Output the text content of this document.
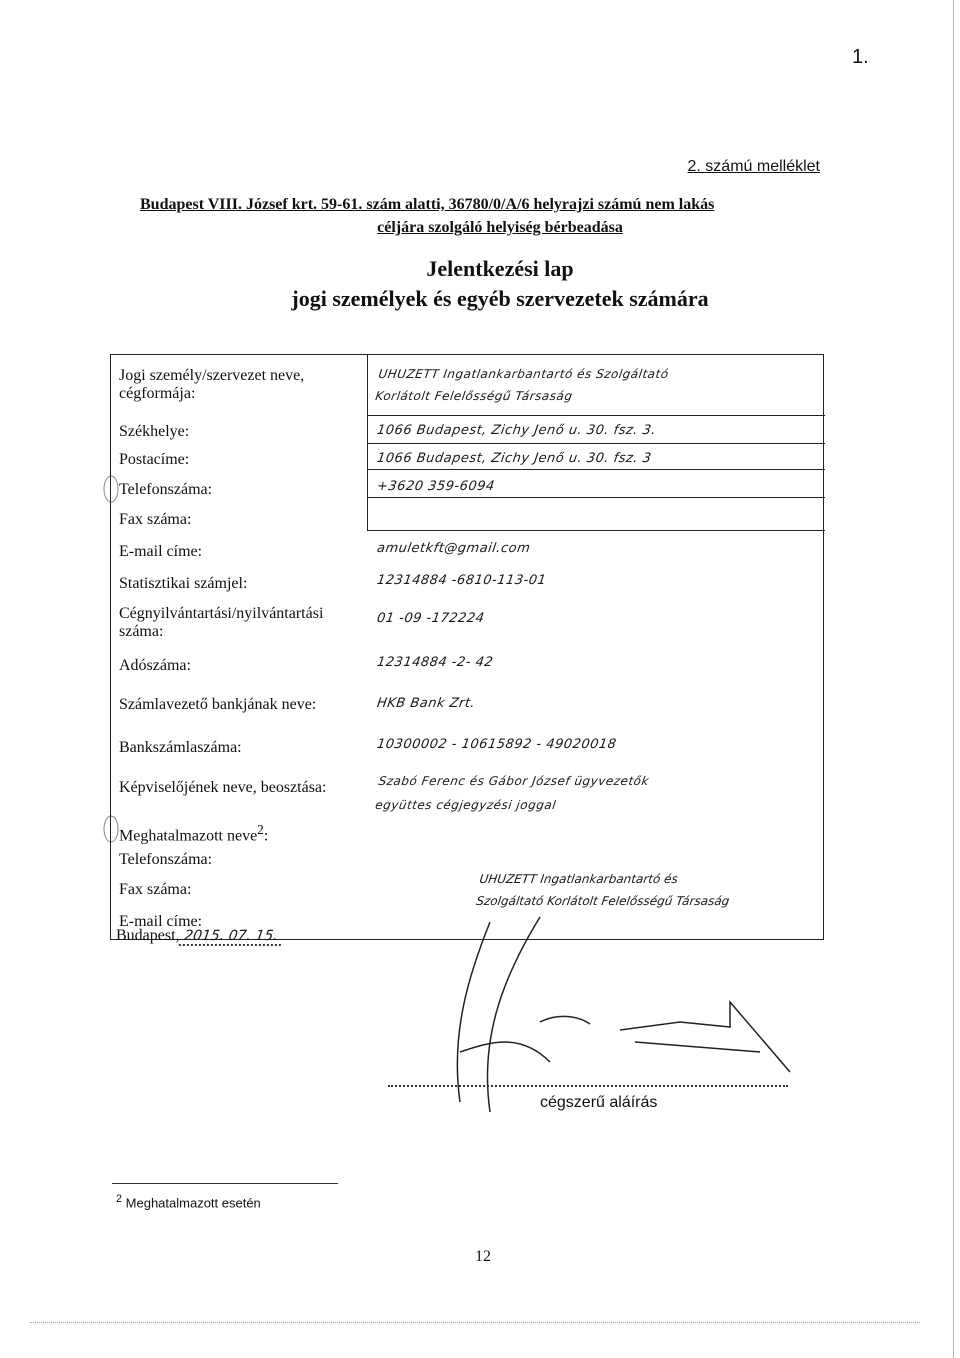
1.
2. számú melléklet
Budapest VIII. József krt. 59-61. szám alatti, 36780/0/A/6 helyrajzi számú nem lakás
céljára szolgáló helyiség bérbeadása
Jelentkezési lap
jogi személyek és egyéb szervezetek számára
Jogi személy/szervezet neve,
cégformája:
Székhelye:
Postacíme:
Telefonszáma:
Fax száma:
E-mail címe:
Statisztikai számjel:
Cégnyilvántartási/nyilvántartási
száma:
Adószáma:
Számlavezető bankjának neve:
Bankszámlaszáma:
Képviselőjének neve, beosztása:
Meghatalmazott neve$^2$:
Telefonszáma:
Fax száma:
E-mail címe:
UHUZETT Ingatlankarbantartó és Szolgáltató
Korlátolt Felelősségű Társaság
1066 Budapest, Zichy Jenő u. 30. fsz. 3.
1066 Budapest, Zichy Jenő u. 30. fsz. 3
+3620 359-6094
amuletkft@gmail.com
12314884 -6810-113-01
01 -09 -172224
12314884 -2- 42
HKB Bank Zrt.
10300002 - 10615892 - 49020018
Szabó Ferenc és Gábor József ügyvezetők
együttes cégjegyzési joggal
Budapest, 2015. 07. 15.
UHUZETT Ingatlankarbantartó és
Szolgáltató Korlátolt Felelősségű Társaság
cégszerű aláírás
$^2$ Meghatalmazott esetén
12
